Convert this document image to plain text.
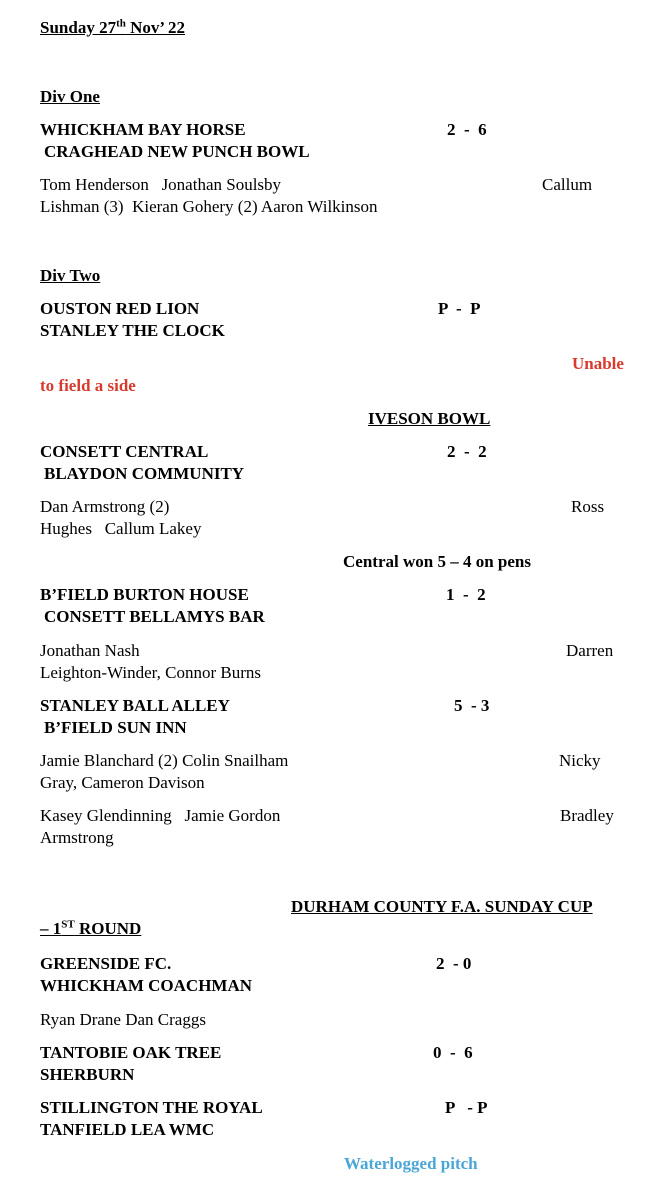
Sunday 27th Nov’ 22
Div One
WHICKHAM BAY HORSE	2  -  6
CRAGHEAD NEW PUNCH BOWL
Tom Henderson   Jonathan Soulsby	Callum
Lishman (3)  Kieran Gohery (2) Aaron Wilkinson
Div Two
OUSTON RED LION	P  -  P
STANLEY THE CLOCK
Unable
to field a side
IVESON BOWL
CONSETT CENTRAL	2  -  2
BLAYDON COMMUNITY
Dan Armstrong (2)	Ross
Hughes   Callum Lakey
Central won 5 – 4 on pens
B’FIELD BURTON HOUSE	1  -  2
CONSETT BELLAMYS BAR
Jonathan Nash	Darren
Leighton-Winder, Connor Burns
STANLEY BALL ALLEY	5  - 3
B’FIELD SUN INN
Jamie Blanchard (2) Colin Snailham	Nicky
Gray, Cameron Davison
Kasey Glendinning   Jamie Gordon	Bradley
Armstrong
DURHAM COUNTY F.A. SUNDAY CUP
– 1ST ROUND
GREENSIDE FC.	2  - 0
WHICKHAM COACHMAN
Ryan Drane Dan Craggs
TANTOBIE OAK TREE	0  -  6
SHERBURN
STILLINGTON THE ROYAL	P   - P
TANFIELD LEA WMC
Waterlogged pitch
